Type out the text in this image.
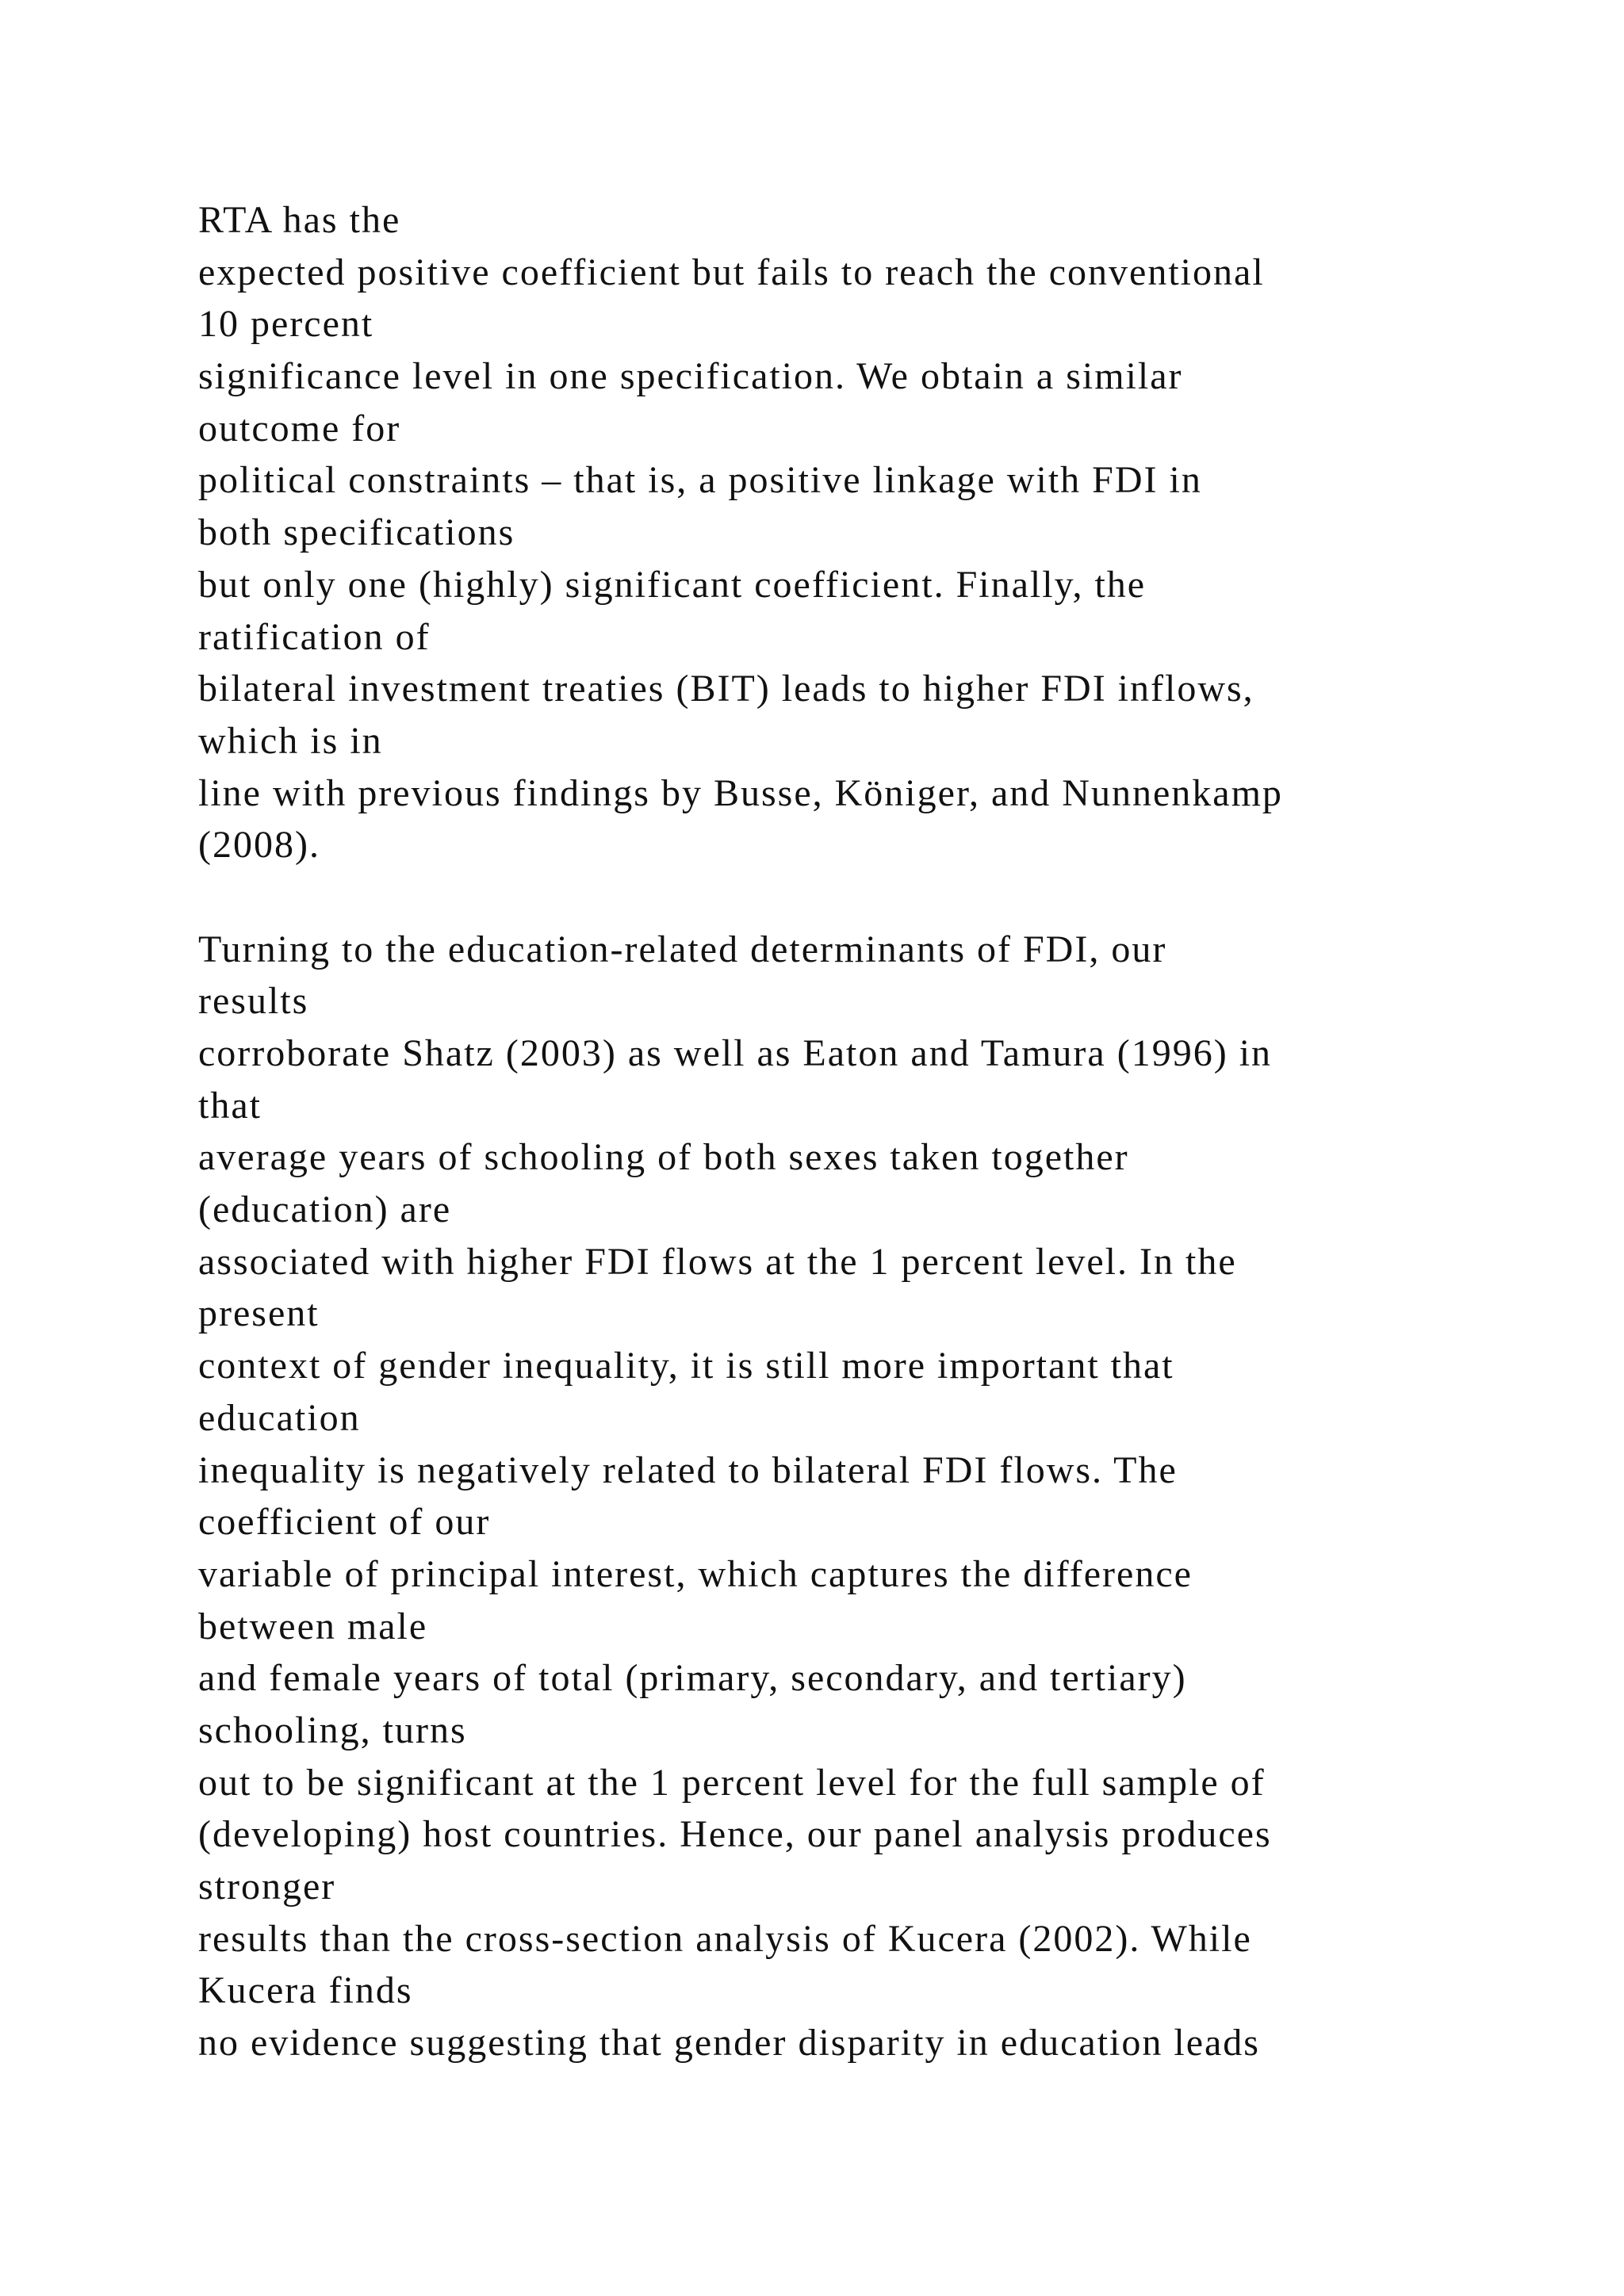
RTA has the
expected positive coefficient but fails to reach the conventional
10 percent
significance level in one specification. We obtain a similar
outcome for
political constraints – that is, a positive linkage with FDI in
both specifications
but only one (highly) significant coefficient. Finally, the
ratification of
bilateral investment treaties (BIT) leads to higher FDI inflows,
which is in
line with previous findings by Busse, Königer, and Nunnenkamp
(2008).
Turning to the education-related determinants of FDI, our
results
corroborate Shatz (2003) as well as Eaton and Tamura (1996) in
that
average years of schooling of both sexes taken together
(education) are
associated with higher FDI flows at the 1 percent level. In the
present
context of gender inequality, it is still more important that
education
inequality is negatively related to bilateral FDI flows. The
coefficient of our
variable of principal interest, which captures the difference
between male
and female years of total (primary, secondary, and tertiary)
schooling, turns
out to be significant at the 1 percent level for the full sample of
(developing) host countries. Hence, our panel analysis produces
stronger
results than the cross-section analysis of Kucera (2002). While
Kucera finds
no evidence suggesting that gender disparity in education leads
